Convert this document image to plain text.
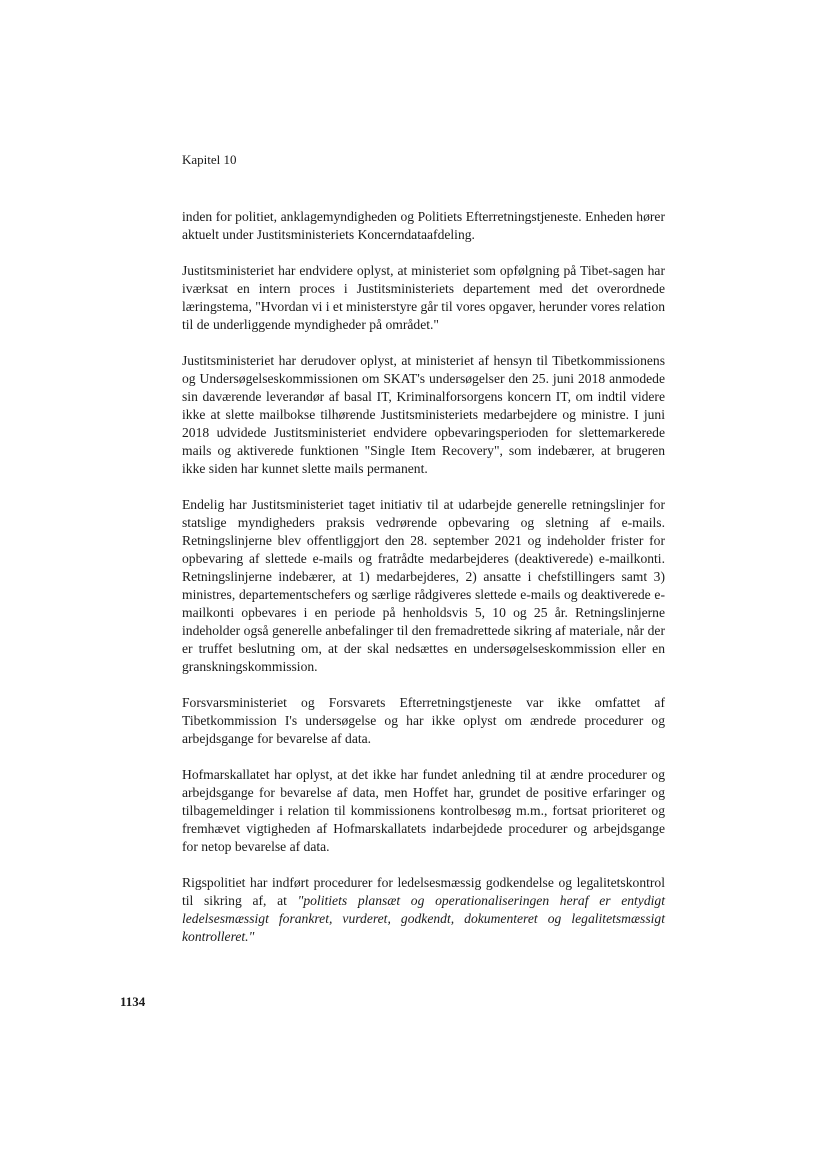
Kapitel 10

inden for politiet, anklagemyndigheden og Politiets Efterretningstjeneste. Enheden hører aktuelt under Justitsministeriets Koncerndataafdeling.

Justitsministeriet har endvidere oplyst, at ministeriet som opfølgning på Tibet-sagen har iværksat en intern proces i Justitsministeriets departement med det overordnede læringstema, "Hvordan vi i et ministerstyre går til vores opgaver, herunder vores relation til de underliggende myndigheder på området."

Justitsministeriet har derudover oplyst, at ministeriet af hensyn til Tibetkommissionens og Undersøgelseskommissionen om SKAT's undersøgelser den 25. juni 2018 anmodede sin daværende leverandør af basal IT, Kriminalforsorgens koncern IT, om indtil videre ikke at slette mailbokse tilhørende Justitsministeriets medarbejdere og ministre. I juni 2018 udvidede Justitsministeriet endvidere opbevaringsperioden for slettemarkerede mails og aktiverede funktionen "Single Item Recovery", som indebærer, at brugeren ikke siden har kunnet slette mails permanent.

Endelig har Justitsministeriet taget initiativ til at udarbejde generelle retningslinjer for statslige myndigheders praksis vedrørende opbevaring og sletning af e-mails. Retningslinjerne blev offentliggjort den 28. september 2021 og indeholder frister for opbevaring af slettede e-mails og fratrådte medarbejderes (deaktiverede) e-mailkonti. Retningslinjerne indebærer, at 1) medarbejderes, 2) ansatte i chefstillingers samt 3) ministres, departementschefers og særlige rådgiveres slettede e-mails og deaktiverede e-mailkonti opbevares i en periode på henholdsvis 5, 10 og 25 år. Retningslinjerne indeholder også generelle anbefalinger til den fremadrettede sikring af materiale, når der er truffet beslutning om, at der skal nedsættes en undersøgelseskommission eller en granskningskommission.

Forsvarsministeriet og Forsvarets Efterretningstjeneste var ikke omfattet af Tibetkommission I's undersøgelse og har ikke oplyst om ændrede procedurer og arbejdsgange for bevarelse af data.

Hofmarskallatet har oplyst, at det ikke har fundet anledning til at ændre procedurer og arbejdsgange for bevarelse af data, men Hoffet har, grundet de positive erfaringer og tilbagemeldinger i relation til kommissionens kontrolbesøg m.m., fortsat prioriteret og fremhævet vigtigheden af Hofmarskallatets indarbejdede procedurer og arbejdsgange for netop bevarelse af data.

Rigspolitiet har indført procedurer for ledelsesmæssig godkendelse og legalitetskontrol til sikring af, at "politiets plansæt og operationaliseringen heraf er entydigt ledelsesmæssigt forankret, vurderet, godkendt, dokumenteret og legalitetsmæssigt kontrolleret."

1134
